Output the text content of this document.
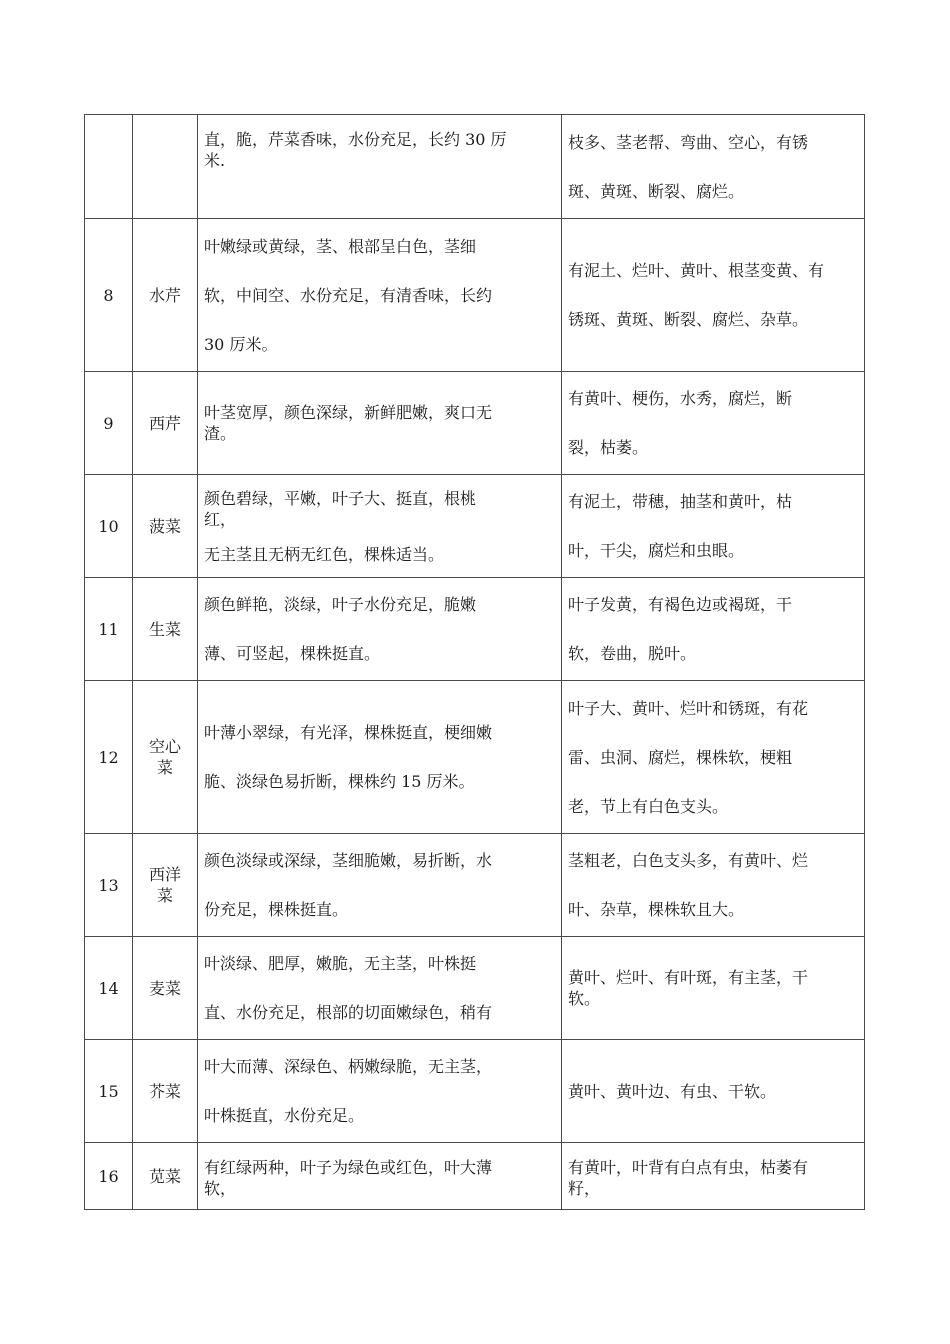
		直，脆，芹菜香味，水份充足，长约 30 厉
米.	枝多、茎老帮、弯曲、空心，有锈
斑、黄斑、断裂、腐烂。

8	水芹	叶嫩绿或黄绿，茎、根部呈白色，茎细
软，中间空、水份充足，有清香味，长约
30 厉米。	有泥土、烂叶、黄叶、根茎变黄、有
锈斑、黄斑、断裂、腐烂、杂草。

9	西芹	叶茎宽厚，颜色深绿，新鲜肥嫩，爽口无
渣。	有黄叶、梗伤，水秀，腐烂，断
裂，枯萎。

10	菠菜	颜色碧绿，平嫩，叶子大、挺直，根桃
红，
无主茎且无柄无红色，棵株适当。	有泥土，带穗，抽茎和黄叶，枯
叶，干尖，腐烂和虫眼。

11	生菜	颜色鲜艳，淡绿，叶子水份充足，脆嫩
薄、可竖起，棵株挺直。	叶子发黄，有褐色边或褐斑，干
软，卷曲，脱叶。

12	空心菜	叶薄小翠绿，有光泽，棵株挺直，梗细嫩
脆、淡绿色易折断，棵株约 15 厉米。	叶子大、黄叶、烂叶和锈斑，有花
雷、虫洞、腐烂，棵株软，梗粗
老，节上有白色支头。

13	西洋菜	颜色淡绿或深绿，茎细脆嫩，易折断，水
份充足，棵株挺直。	茎粗老，白色支头多，有黄叶、烂
叶、杂草，棵株软且大。

14	麦菜	叶淡绿、肥厚，嫩脆，无主茎，叶株挺
直、水份充足，根部的切面嫩绿色，稍有	黄叶、烂叶、有叶斑，有主茎，干
软。

15	芥菜	叶大而薄、深绿色、柄嫩绿脆，无主茎，
叶株挺直，水份充足。	黄叶、黄叶边、有虫、干软。

16	苋菜	有红绿两种，叶子为绿色或红色，叶大薄
软，	有黄叶，叶背有白点有虫，枯萎有
籽，
